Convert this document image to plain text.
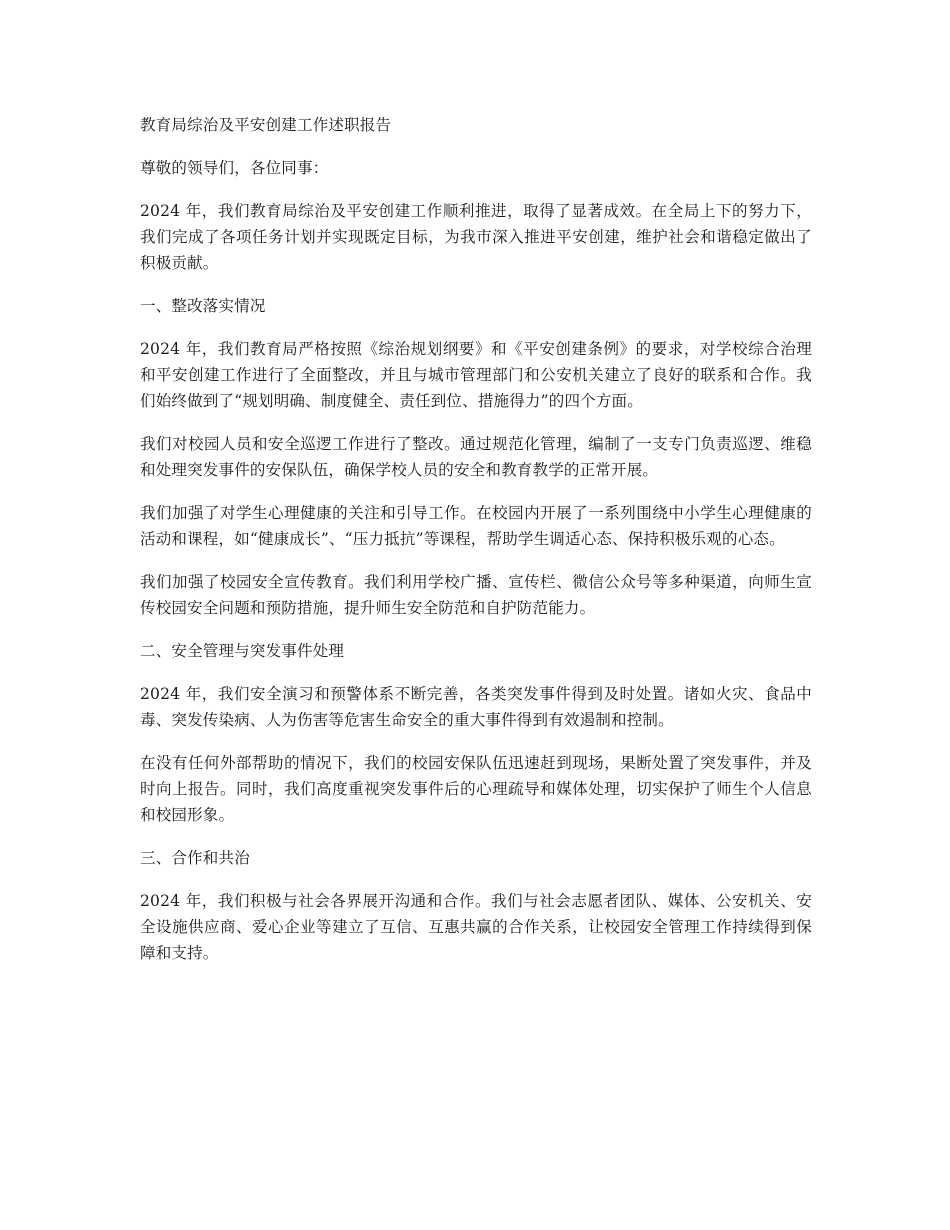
教育局综治及平安创建工作述职报告

尊敬的领导们，各位同事：

2024 年，我们教育局综治及平安创建工作顺利推进，取得了显著成效。在全局上下的努力下，我们完成了各项任务计划并实现既定目标，为我市深入推进平安创建，维护社会和谐稳定做出了积极贡献。

一、整改落实情况

2024 年，我们教育局严格按照《综治规划纲要》和《平安创建条例》的要求，对学校综合治理和平安创建工作进行了全面整改，并且与城市管理部门和公安机关建立了良好的联系和合作。我们始终做到了“规划明确、制度健全、责任到位、措施得力”的四个方面。

我们对校园人员和安全巡逻工作进行了整改。通过规范化管理，编制了一支专门负责巡逻、维稳和处理突发事件的安保队伍，确保学校人员的安全和教育教学的正常开展。

我们加强了对学生心理健康的关注和引导工作。在校园内开展了一系列围绕中小学生心理健康的活动和课程，如“健康成长”、“压力抵抗”等课程，帮助学生调适心态、保持积极乐观的心态。

我们加强了校园安全宣传教育。我们利用学校广播、宣传栏、微信公众号等多种渠道，向师生宣传校园安全问题和预防措施，提升师生安全防范和自护防范能力。

二、安全管理与突发事件处理

2024 年，我们安全演习和预警体系不断完善，各类突发事件得到及时处置。诸如火灾、食品中毒、突发传染病、人为伤害等危害生命安全的重大事件得到有效遏制和控制。

在没有任何外部帮助的情况下，我们的校园安保队伍迅速赶到现场，果断处置了突发事件，并及时向上报告。同时，我们高度重视突发事件后的心理疏导和媒体处理，切实保护了师生个人信息和校园形象。

三、合作和共治

2024 年，我们积极与社会各界展开沟通和合作。我们与社会志愿者团队、媒体、公安机关、安全设施供应商、爱心企业等建立了互信、互惠共赢的合作关系，让校园安全管理工作持续得到保障和支持。
